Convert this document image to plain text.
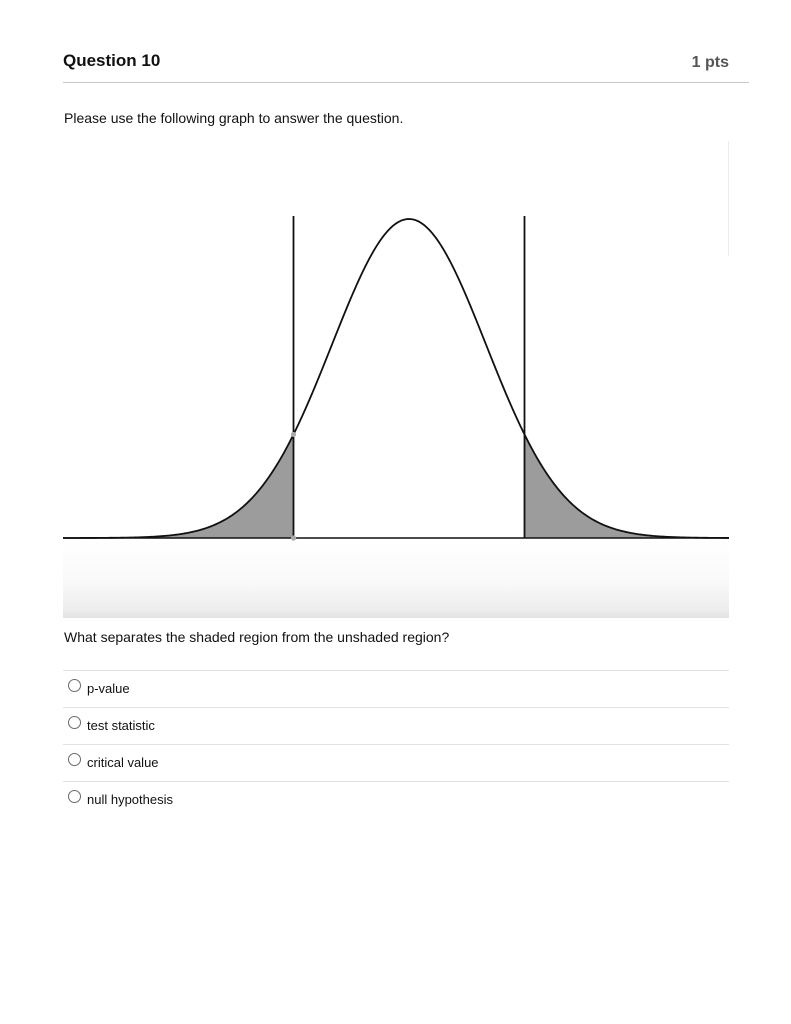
Question 10	1 pts
Please use the following graph to answer the question.
What separates the shaded region from the unshaded region?
p-value
test statistic
critical value
null hypothesis
